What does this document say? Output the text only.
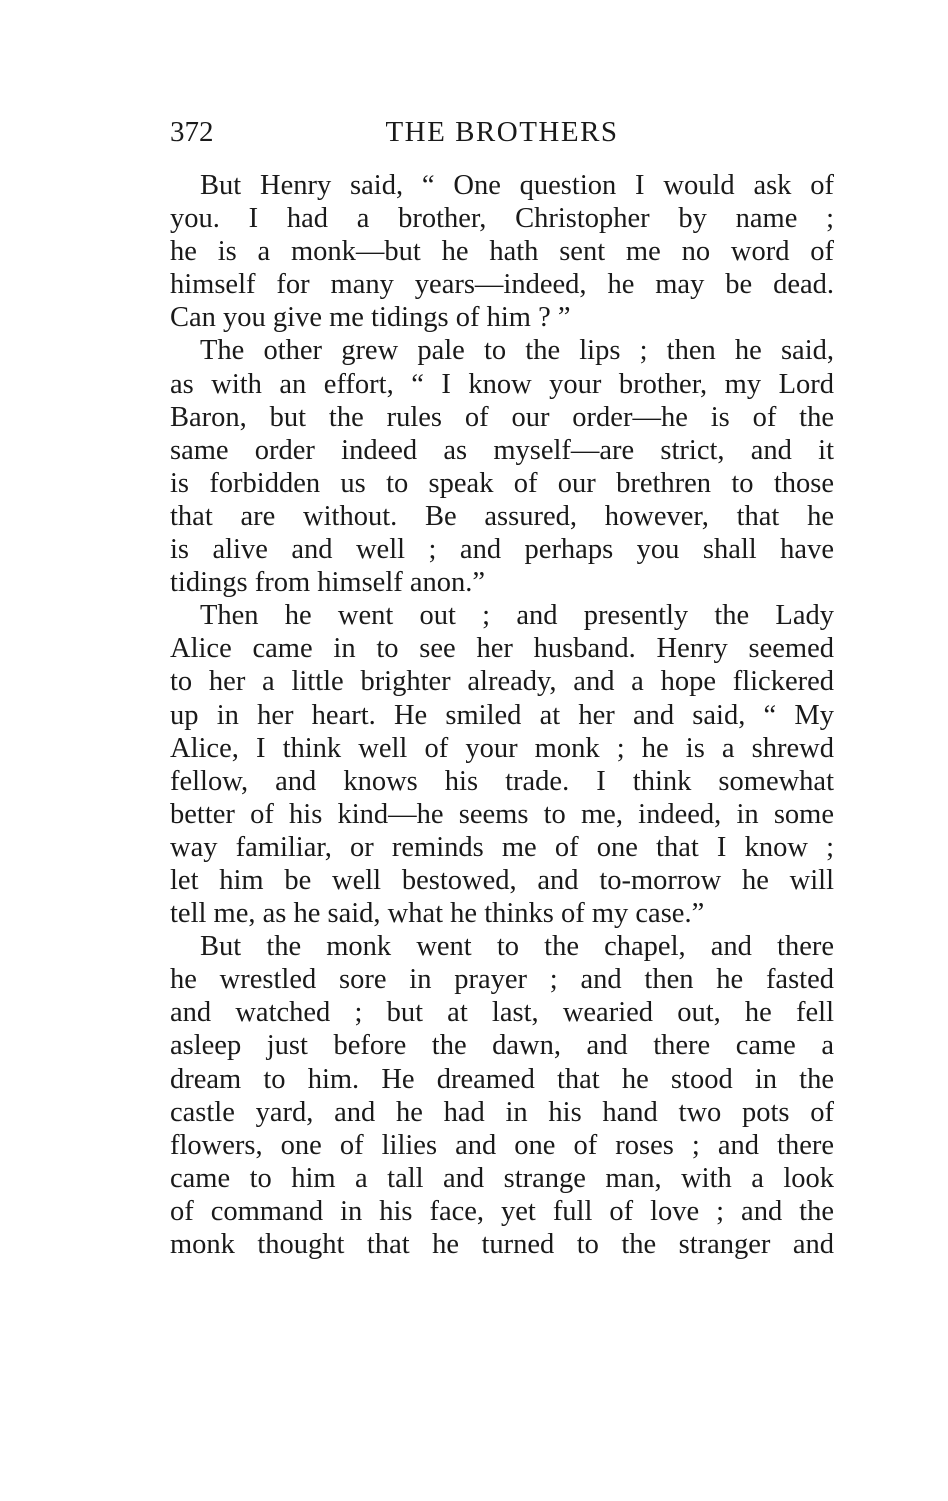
372	THE BROTHERS
But Henry said, “ One question I would ask of
you. I had a brother, Christopher by name ;
he is a monk—but he hath sent me no word of
himself for many years—indeed, he may be dead.
Can you give me tidings of him ? ”
The other grew pale to the lips ; then he said,
as with an effort, “ I know your brother, my Lord
Baron, but the rules of our order—he is of the
same order indeed as myself—are strict, and it
is forbidden us to speak of our brethren to those
that are without. Be assured, however, that he
is alive and well ; and perhaps you shall have
tidings from himself anon.”
Then he went out ; and presently the Lady
Alice came in to see her husband. Henry seemed
to her a little brighter already, and a hope flickered
up in her heart. He smiled at her and said, “ My
Alice, I think well of your monk ; he is a shrewd
fellow, and knows his trade. I think somewhat
better of his kind—he seems to me, indeed, in some
way familiar, or reminds me of one that I know ;
let him be well bestowed, and to-morrow he will
tell me, as he said, what he thinks of my case.”
But the monk went to the chapel, and there
he wrestled sore in prayer ; and then he fasted
and watched ; but at last, wearied out, he fell
asleep just before the dawn, and there came a
dream to him. He dreamed that he stood in the
castle yard, and he had in his hand two pots of
flowers, one of lilies and one of roses ; and there
came to him a tall and strange man, with a look
of command in his face, yet full of love ; and the
monk thought that he turned to the stranger and
